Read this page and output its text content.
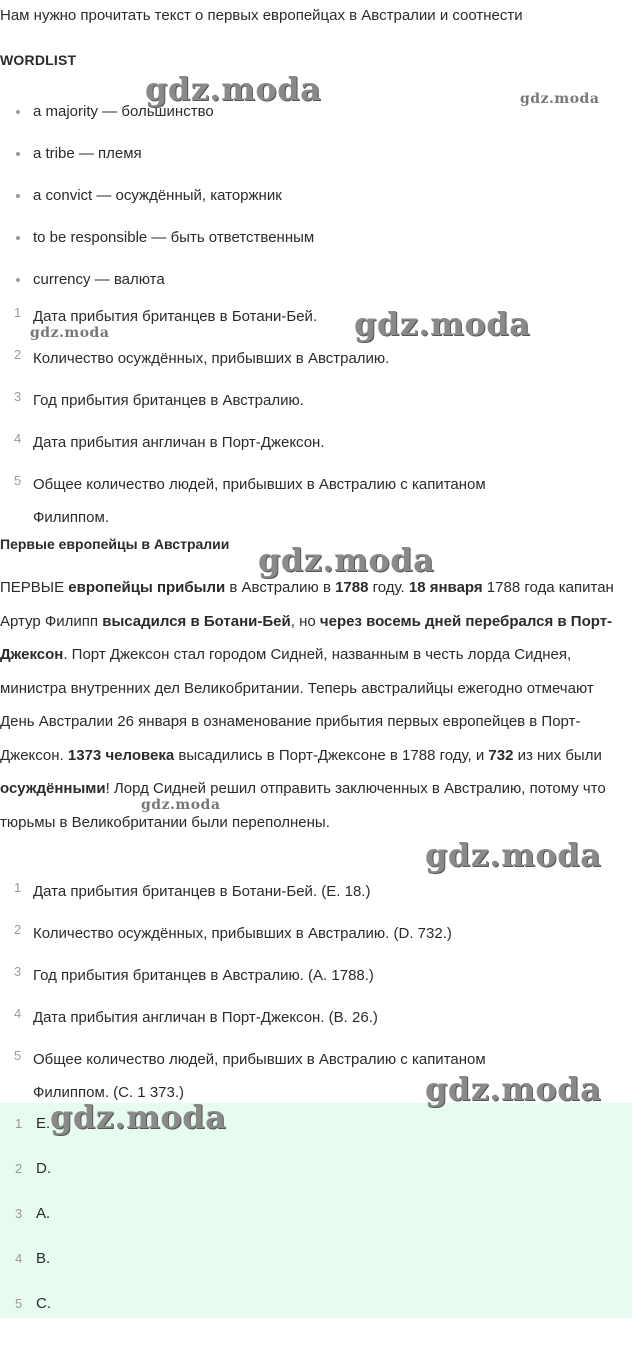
Нам нужно прочитать текст о первых европейцах в Австралии и соотнести

WORDLIST
a majority — большинство
a tribe — племя
a convict — осуждённый, каторжник
to be responsible — быть ответственным
currency — валюта
1 Дата прибытия британцев в Ботани-Бей.
2 Количество осуждённых, прибывших в Австралию.
3 Год прибытия британцев в Австралию.
4 Дата прибытия англичан в Порт-Джексон.
5 Общее количество людей, прибывших в Австралию с капитаном Филиппом.
Первые европейцы в Австралии

ПЕРВЫЕ европейцы прибыли в Австралию в 1788 году. 18 января 1788 года капитан Артур Филипп высадился в Ботани-Бей, но через восемь дней перебрался в Порт-Джексон. Порт Джексон стал городом Сидней, названным в честь лорда Сиднея, министра внутренних дел Великобритании. Теперь австралийцы ежегодно отмечают День Австралии 26 января в ознаменование прибытия первых европейцев в Порт-Джексон. 1373 человека высадились в Порт-Джексоне в 1788 году, и 732 из них были осуждёнными! Лорд Сидней решил отправить заключенных в Австралию, потому что тюрьмы в Великобритании были переполнены.

1 Дата прибытия британцев в Ботани-Бей. (E. 18.)
2 Количество осуждённых, прибывших в Австралию. (D. 732.)
3 Год прибытия британцев в Австралию. (A. 1788.)
4 Дата прибытия англичан в Порт-Джексон. (B. 26.)
5 Общее количество людей, прибывших в Австралию с капитаном Филиппом. (C. 1 373.)
1 E.
2 D.
3 A.
4 B.
5 C.
gdz.moda	gdz.moda
gdz.moda
gdz.moda
gdz.moda
gdz.moda
gdz.moda
gdz.moda
gdz.moda
